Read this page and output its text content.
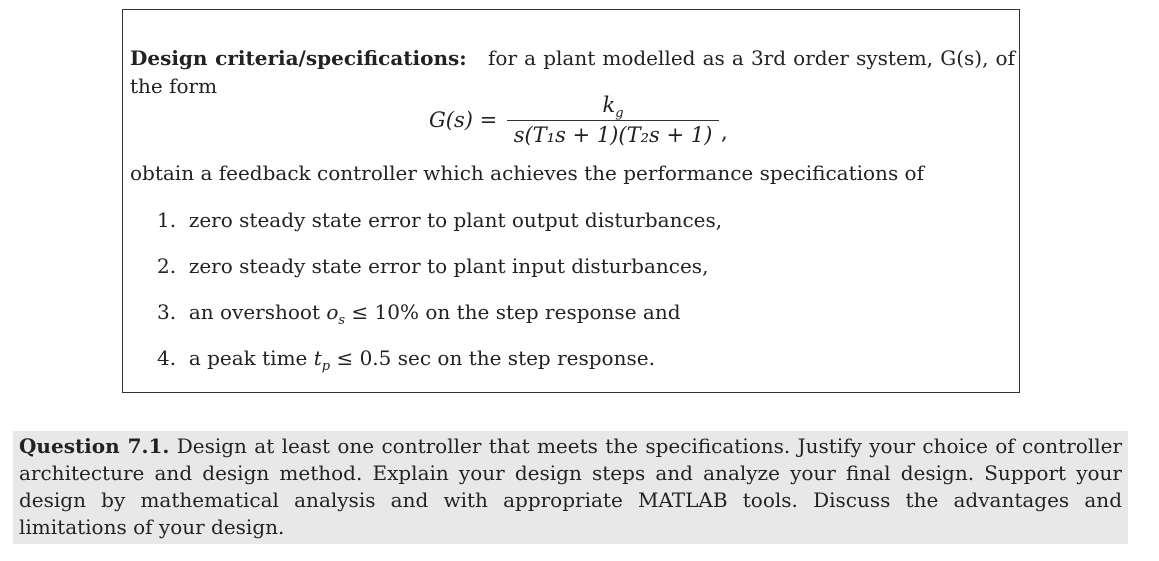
Design criteria/specifications: for a plant modelled as a 3rd order system, G(s), of the form
G(s) =
$k_g$
s(T₁s + 1)(T₂s + 1) ,
obtain a feedback controller which achieves the performance specifications of
1. zero steady state error to plant output disturbances,
2. zero steady state error to plant input disturbances,
3. an overshoot $o_s \le 10\%$ on the step response and
4. a peak time $t_p \le 0.5$ sec on the step response.
Question 7.1. Design at least one controller that meets the specifications. Justify your choice of controller architecture and design method. Explain your design steps and analyze your final design. Support your design by mathematical analysis and with appropriate MATLAB tools. Discuss the advantages and limitations of your design.
